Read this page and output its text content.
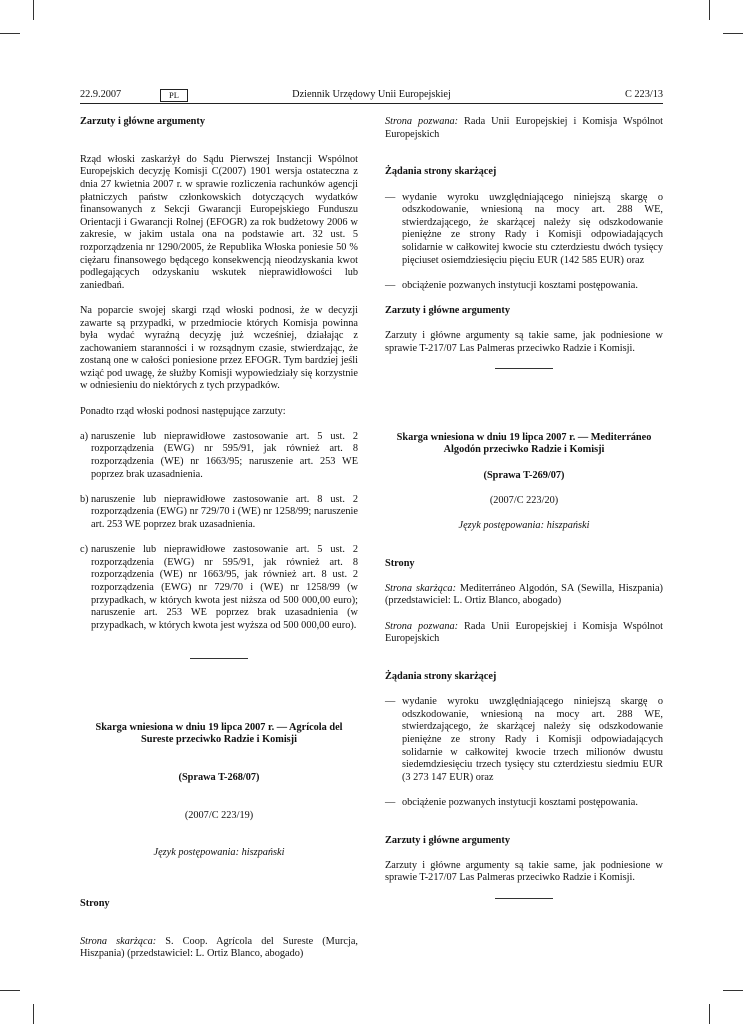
Dziennik Urzędowy Unii Europejskiej
22.9.2007	PL	C 223/13
Zarzuty i główne argumenty

Rząd włoski zaskarżył do Sądu Pierwszej Instancji Wspólnot Europejskich decyzję Komisji C(2007) 1901 wersja ostateczna z dnia 27 kwietnia 2007 r. w sprawie rozliczenia rachunków agencji płatniczych państw członkowskich dotyczących wydatków finansowanych z Sekcji Gwarancji Europejskiego Funduszu Orientacji i Gwarancji Rolnej (EFOGR) za rok budżetowy 2006 w zakresie, w jakim ustala ona na podstawie art. 32 ust. 5 rozporządzenia nr 1290/2005, że Republika Włoska poniesie 50 % ciężaru finansowego będącego konsekwencją nieodzyskania kwot podlegających odzyskaniu wskutek nieprawidłowości lub zaniedbań.

Na poparcie swojej skargi rząd włoski podnosi, że w decyzji zawarte są przypadki, w przedmiocie których Komisja powinna była wydać wyraźną decyzję już wcześniej, działając z zachowaniem staranności i w rozsądnym czasie, stwierdzając, że zostaną one w całości poniesione przez EFOGR. Tym bardziej jeśli wziąć pod uwagę, że służby Komisji wypowiedziały się korzystnie w odniesieniu do niektórych z tych przypadków.

Ponadto rząd włoski podnosi następujące zarzuty:

a) naruszenie lub nieprawidłowe zastosowanie art. 5 ust. 2 rozporządzenia (EWG) nr 595/91, jak również art. 8 rozporządzenia (WE) nr 1663/95; naruszenie art. 253 WE poprzez brak uzasadnienia.
b) naruszenie lub nieprawidłowe zastosowanie art. 8 ust. 2 rozporządzenia (EWG) nr 729/70 i (WE) nr 1258/99; naruszenie art. 253 WE poprzez brak uzasadnienia.
c) naruszenie lub nieprawidłowe zastosowanie art. 5 ust. 2 rozporządzenia (EWG) nr 595/91, jak również art. 8 rozporządzenia (WE) nr 1663/95, jak również art. 8 ust. 2 rozporządzenia (EWG) nr 729/70 i (WE) nr 1258/99 (w przypadkach, w których kwota jest niższa od 500 000,00 euro); naruszenie art. 253 WE poprzez brak uzasadnienia (w przypadkach, w których kwota jest wyższa od 500 000,00 euro).
Skarga wniesiona w dniu 19 lipca 2007 r. — Agrícola del Sureste przeciwko Radzie i Komisji
(Sprawa T-268/07)
(2007/C 223/19)
Język postępowania: hiszpański
Strony

Strona skarżąca: S. Coop. Agrícola del Sureste (Murcja, Hiszpania) (przedstawiciel: L. Ortiz Blanco, abogado)

Strona pozwana: Rada Unii Europejskiej i Komisja Wspólnot Europejskich

Żądania strony skarżącej
— wydanie wyroku uwzględniającego niniejszą skargę o odszkodowanie, wniesioną na mocy art. 288 WE, stwierdzającego, że skarżącej należy się odszkodowanie pieniężne ze strony Rady i Komisji odpowiadających solidarnie w całkowitej kwocie stu czterdziestu dwóch tysięcy pięciuset osiemdziesięciu pięciu EUR (142 585 EUR) oraz
— obciążenie pozwanych instytucji kosztami postępowania.
Zarzuty i główne argumenty

Zarzuty i główne argumenty są takie same, jak podniesione w sprawie T-217/07 Las Palmeras przeciwko Radzie i Komisji.

Skarga wniesiona w dniu 19 lipca 2007 r. — Mediterráneo Algodón przeciwko Radzie i Komisji
(Sprawa T-269/07)
(2007/C 223/20)
Język postępowania: hiszpański
Strony

Strona skarżąca: Mediterráneo Algodón, SA (Sewilla, Hiszpania) (przedstawiciel: L. Ortiz Blanco, abogado)

Strona pozwana: Rada Unii Europejskiej i Komisja Wspólnot Europejskich

Żądania strony skarżącej
— wydanie wyroku uwzględniającego niniejszą skargę o odszkodowanie, wniesioną na mocy art. 288 WE, stwierdzającego, że skarżącej należy się odszkodowanie pieniężne ze strony Rady i Komisji odpowiadających solidarnie w całkowitej kwocie trzech milionów dwustu siedemdziesięciu trzech tysięcy stu czterdziestu siedmiu EUR (3 273 147 EUR) oraz
— obciążenie pozwanych instytucji kosztami postępowania.
Zarzuty i główne argumenty

Zarzuty i główne argumenty są takie same, jak podniesione w sprawie T-217/07 Las Palmeras przeciwko Radzie i Komisji.
